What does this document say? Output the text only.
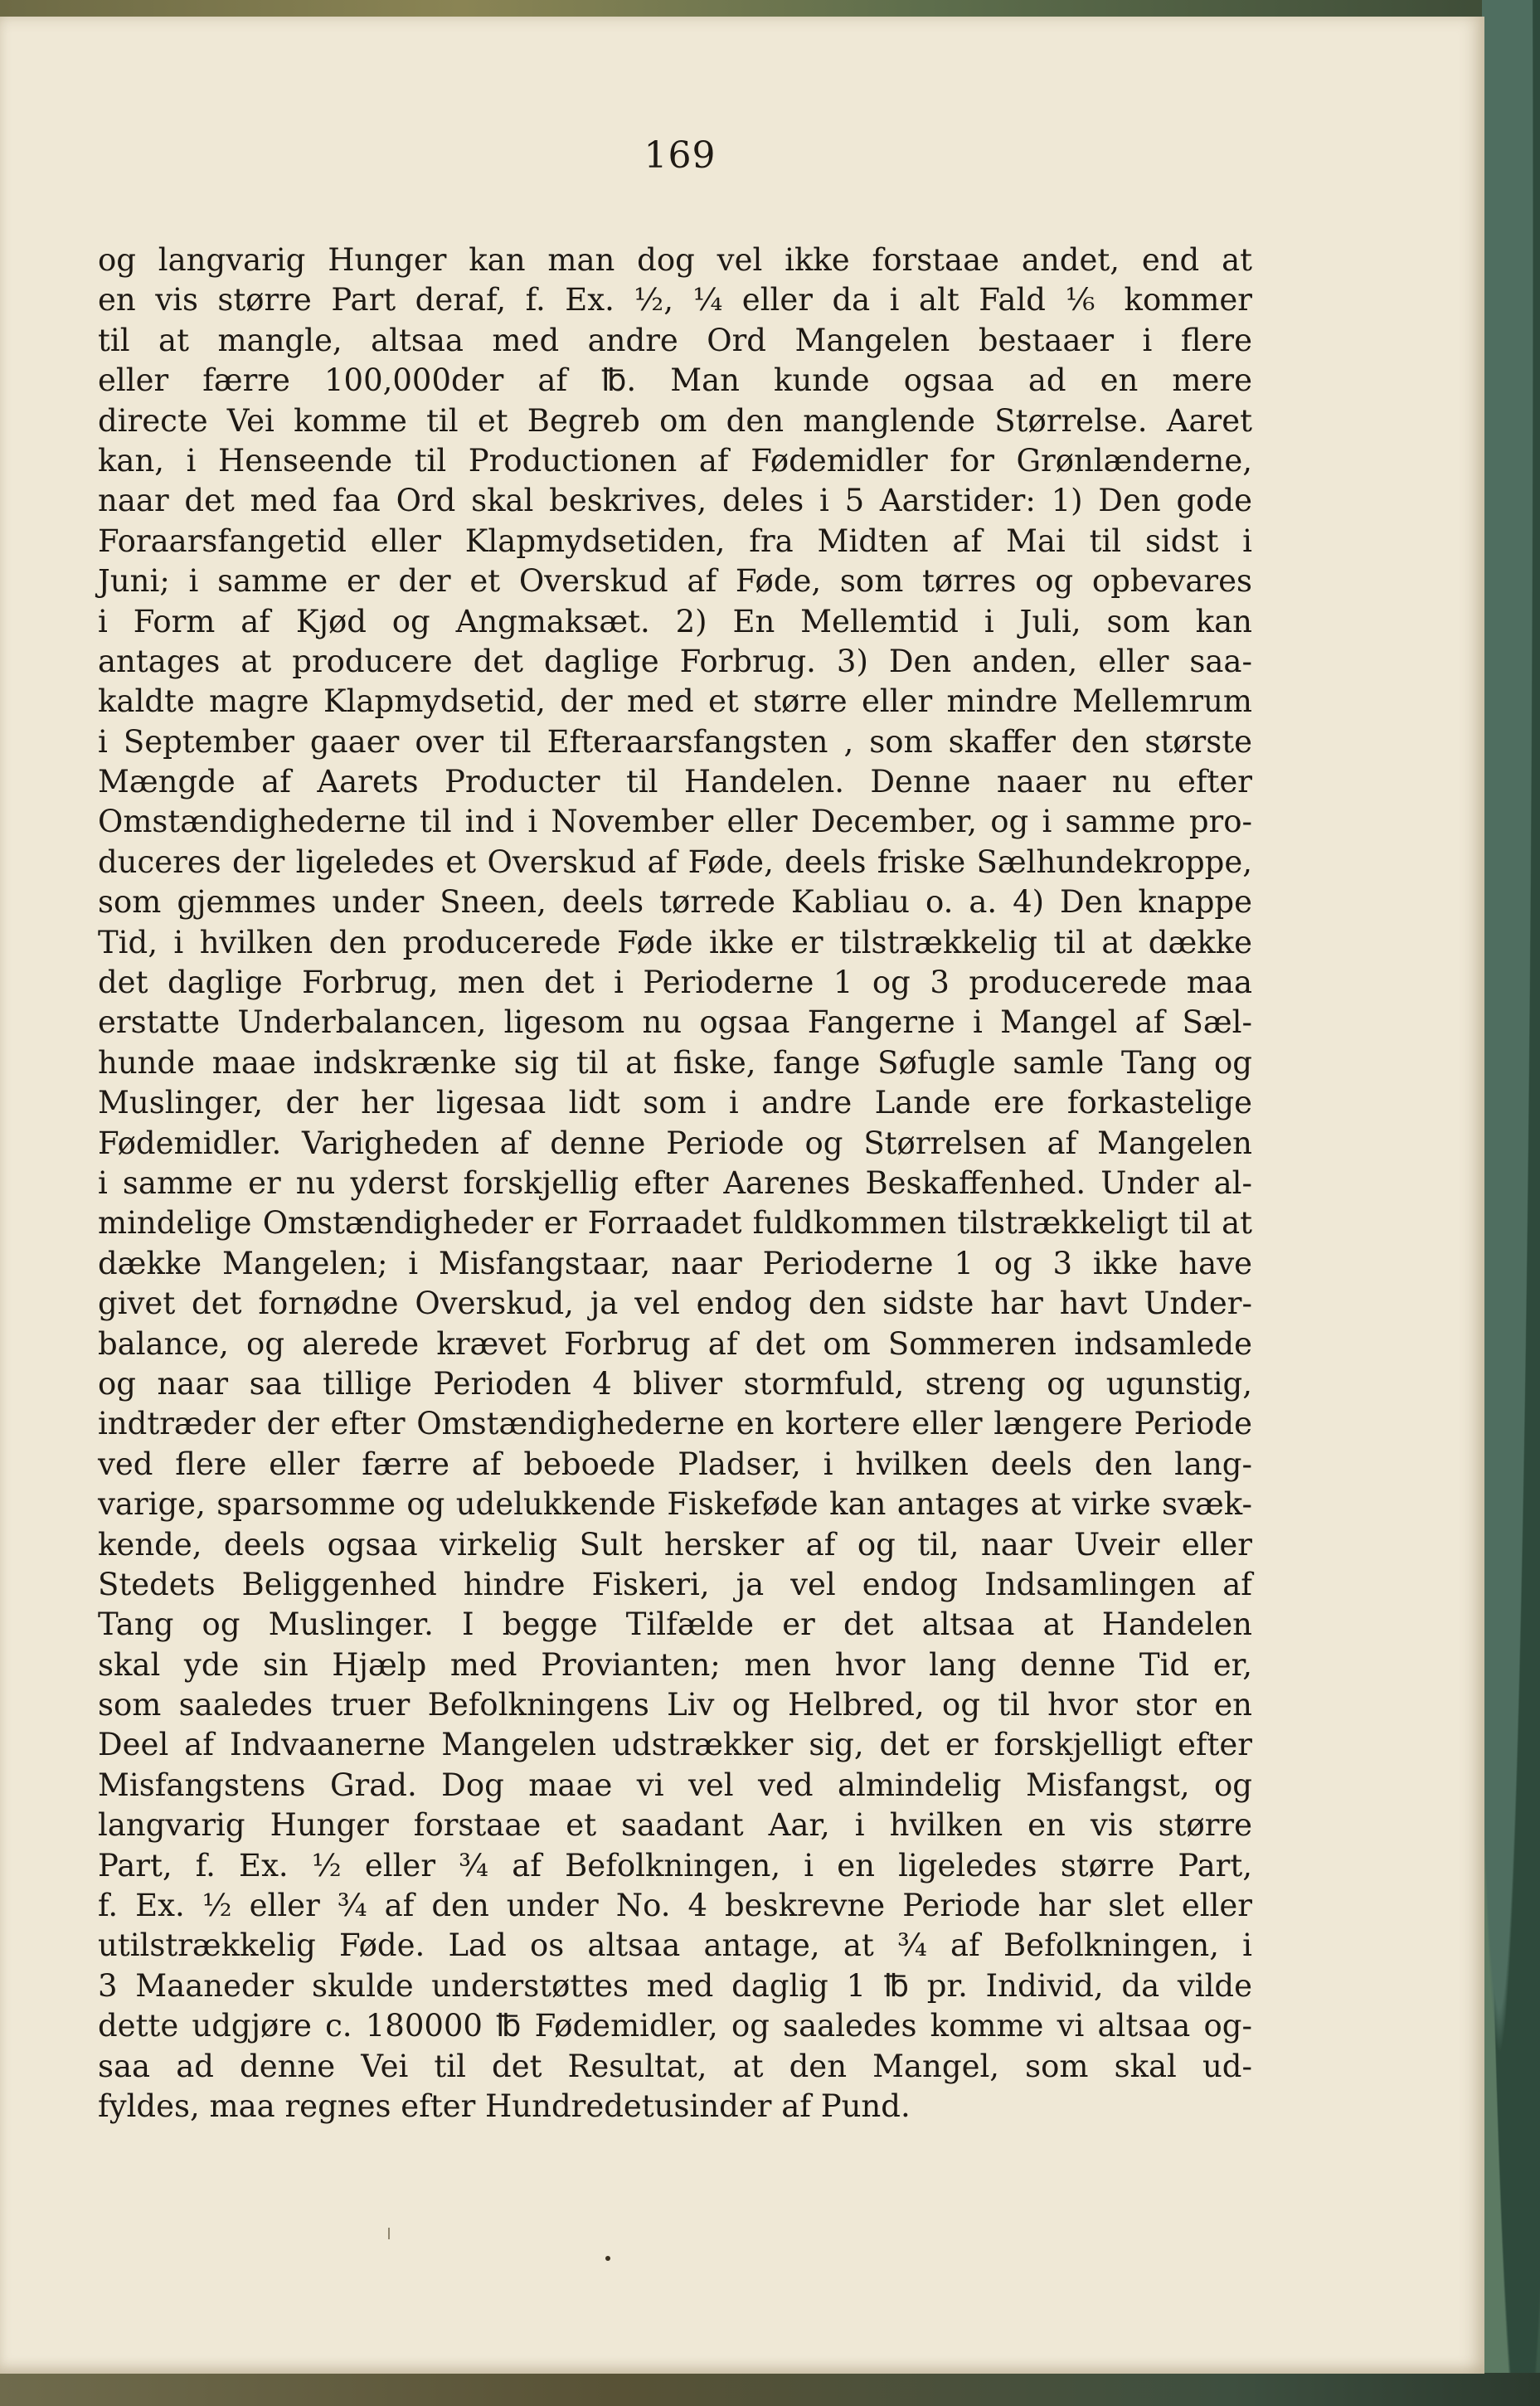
169
og langvarig Hunger kan man dog vel ikke forstaae andet, end at
en vis større Part deraf, f. Ex. ½, ¼ eller da i alt Fald ⅙ kommer
til at mangle, altsaa med andre Ord Mangelen bestaaer i flere
eller færre 100,000der af ℔. Man kunde ogsaa ad en mere
directe Vei komme til et Begreb om den manglende Størrelse. Aaret
kan, i Henseende til Productionen af Fødemidler for Grønlænderne,
naar det med faa Ord skal beskrives, deles i 5 Aarstider: 1) Den gode
Foraarsfangetid eller Klapmydsetiden, fra Midten af Mai til sidst i
Juni; i samme er der et Overskud af Føde, som tørres og opbevares
i Form af Kjød og Angmaksæt. 2) En Mellemtid i Juli, som kan
antages at producere det daglige Forbrug. 3) Den anden, eller saa-
kaldte magre Klapmydsetid, der med et større eller mindre Mellemrum
i September gaaer over til Efteraarsfangsten , som skaffer den største
Mængde af Aarets Producter til Handelen. Denne naaer nu efter
Omstændighederne til ind i November eller December, og i samme pro-
duceres der ligeledes et Overskud af Føde, deels friske Sælhundekroppe,
som gjemmes under Sneen, deels tørrede Kabliau o. a. 4) Den knappe
Tid, i hvilken den producerede Føde ikke er tilstrækkelig til at dække
det daglige Forbrug, men det i Perioderne 1 og 3 producerede maa
erstatte Underbalancen, ligesom nu ogsaa Fangerne i Mangel af Sæl-
hunde maae indskrænke sig til at fiske, fange Søfugle samle Tang og
Muslinger, der her ligesaa lidt som i andre Lande ere forkastelige
Fødemidler. Varigheden af denne Periode og Størrelsen af Mangelen
i samme er nu yderst forskjellig efter Aarenes Beskaffenhed. Under al-
mindelige Omstændigheder er Forraadet fuldkommen tilstrækkeligt til at
dække Mangelen; i Misfangstaar, naar Perioderne 1 og 3 ikke have
givet det fornødne Overskud, ja vel endog den sidste har havt Under-
balance, og alerede krævet Forbrug af det om Sommeren indsamlede
og naar saa tillige Perioden 4 bliver stormfuld, streng og ugunstig,
indtræder der efter Omstændighederne en kortere eller længere Periode
ved flere eller færre af beboede Pladser, i hvilken deels den lang-
varige, sparsomme og udelukkende Fiskeføde kan antages at virke svæk-
kende, deels ogsaa virkelig Sult hersker af og til, naar Uveir eller
Stedets Beliggenhed hindre Fiskeri, ja vel endog Indsamlingen af
Tang og Muslinger. I begge Tilfælde er det altsaa at Handelen
skal yde sin Hjælp med Provianten; men hvor lang denne Tid er,
som saaledes truer Befolkningens Liv og Helbred, og til hvor stor en
Deel af Indvaanerne Mangelen udstrækker sig, det er forskjelligt efter
Misfangstens Grad. Dog maae vi vel ved almindelig Misfangst, og
langvarig Hunger forstaae et saadant Aar, i hvilken en vis større
Part, f. Ex. ½ eller ¾ af Befolkningen, i en ligeledes større Part,
f. Ex. ½ eller ¾ af den under No. 4 beskrevne Periode har slet eller
utilstrækkelig Føde. Lad os altsaa antage, at ¾ af Befolkningen, i
3 Maaneder skulde understøttes med daglig 1 ℔ pr. Individ, da vilde
dette udgjøre c. 180000 ℔ Fødemidler, og saaledes komme vi altsaa og-
saa ad denne Vei til det Resultat, at den Mangel, som skal ud-
fyldes, maa regnes efter Hundredetusinder af Pund.
